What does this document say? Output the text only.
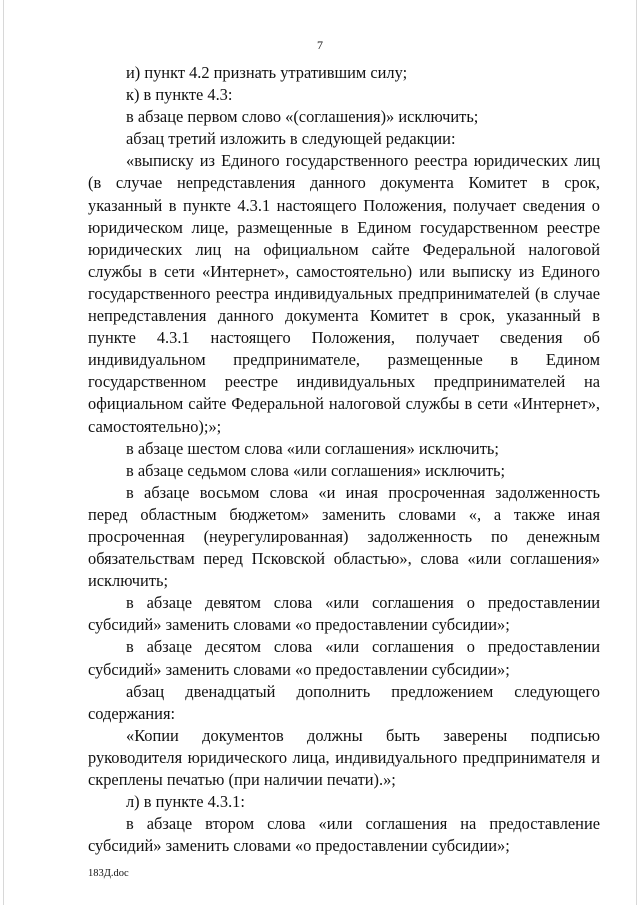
7

и) пункт 4.2 признать утратившим силу;

к) в пункте 4.3:

в абзаце первом слово «(соглашения)» исключить;

абзац третий изложить в следующей редакции:

«выписку из Единого государственного реестра юридических лиц (в случае непредставления данного документа Комитет в срок, указанный в пункте 4.3.1 настоящего Положения, получает сведения о юридическом лице, размещенные в Едином государственном реестре юридических лиц на официальном сайте Федеральной налоговой службы в сети «Интернет», самостоятельно) или выписку из Единого государственного реестра индивидуальных предпринимателей (в случае непредставления данного документа Комитет в срок, указанный в пункте 4.3.1 настоящего Положения, получает сведения об индивидуальном предпринимателе, размещенные в Едином государственном реестре индивидуальных предпринимателей на официальном сайте Федеральной налоговой службы в сети «Интернет», самостоятельно);»;

в абзаце шестом слова «или соглашения» исключить;

в абзаце седьмом слова «или соглашения» исключить;

в абзаце восьмом слова «и иная просроченная задолженность перед областным бюджетом» заменить словами «, а также иная просроченная (неурегулированная) задолженность по денежным обязательствам перед Псковской областью», слова «или соглашения» исключить;

в абзаце девятом слова «или соглашения о предоставлении субсидий» заменить словами «о предоставлении субсидии»;

в абзаце десятом слова «или соглашения о предоставлении субсидий» заменить словами «о предоставлении субсидии»;

абзац двенадцатый дополнить предложением следующего содержания:

«Копии документов должны быть заверены подписью руководителя юридического лица, индивидуального предпринимателя и скреплены печатью (при наличии печати).»;

л) в пункте 4.3.1:

в абзаце втором слова «или соглашения на предоставление субсидий» заменить словами «о предоставлении субсидии»;

183Д.doc
